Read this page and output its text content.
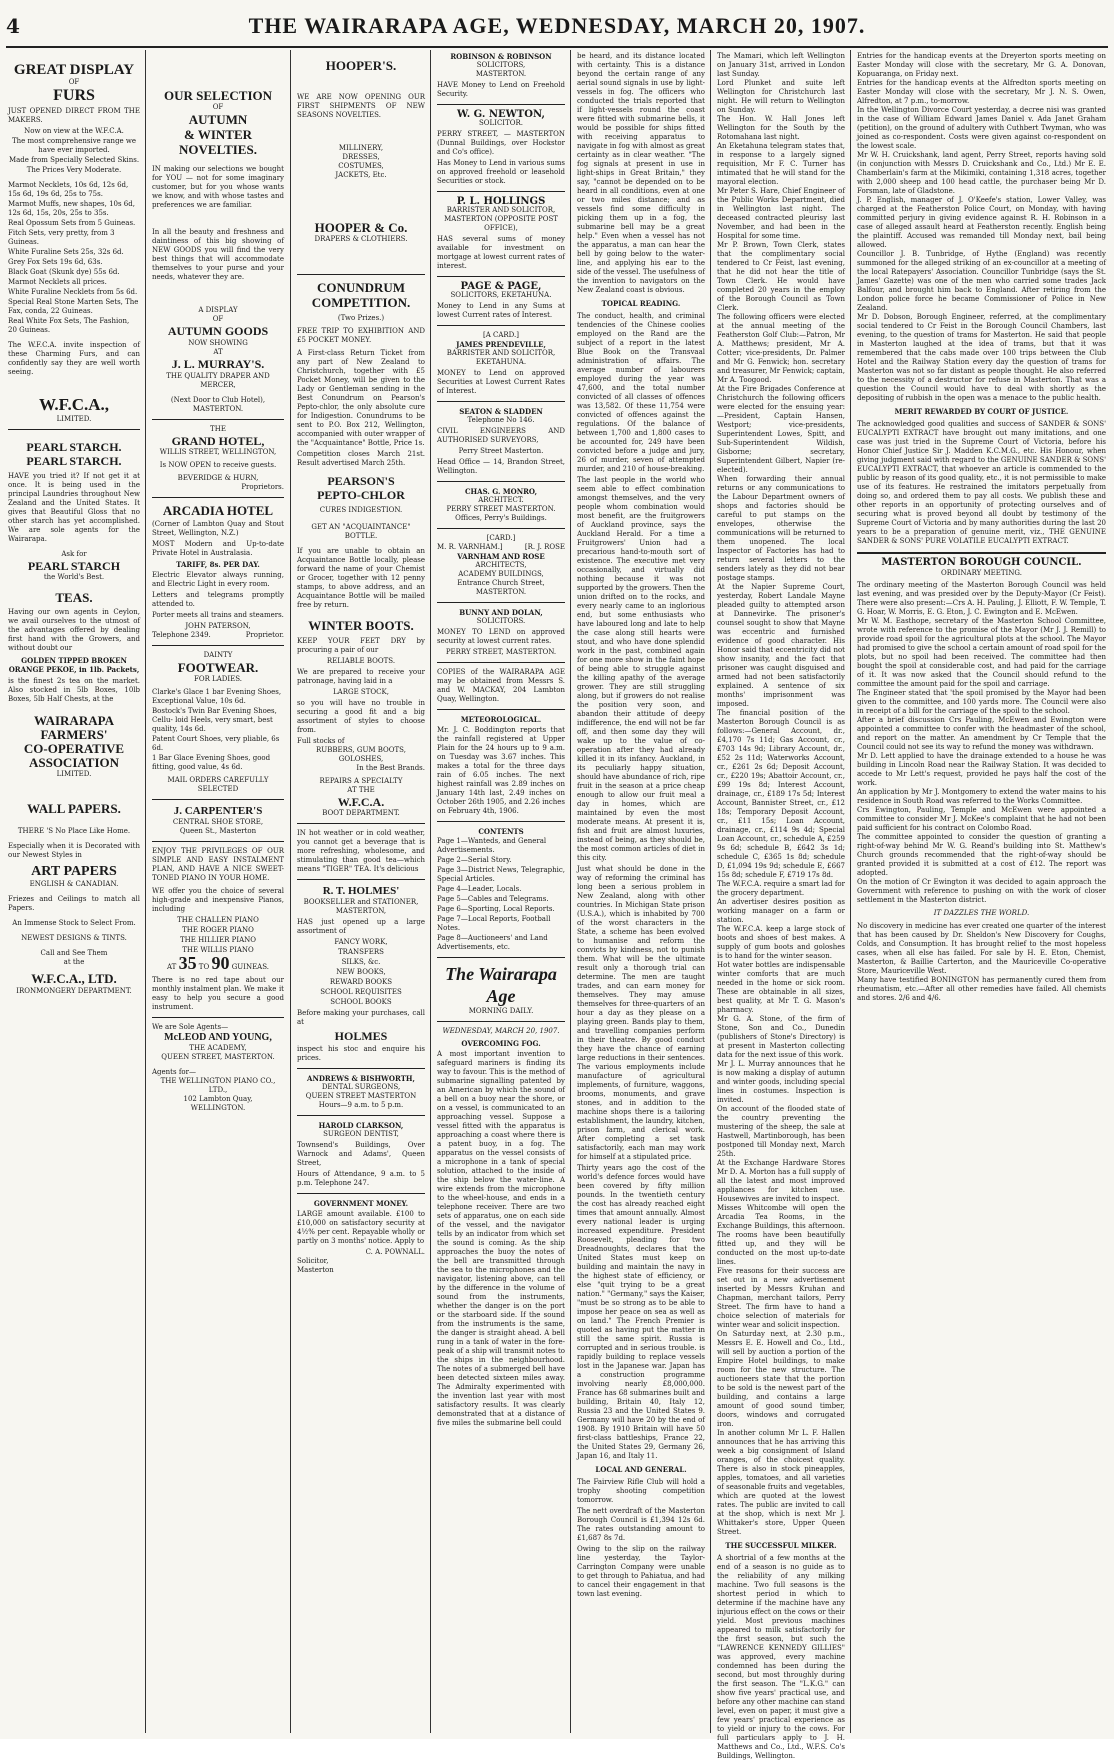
4	THE WAIRARAPA AGE, WEDNESDAY, MARCH 20, 1907.
GREAT DISPLAY
OF
FURS
JUST OPENED DIRECT FROM THE MAKERS.
Now on view at the W.F.C.A.
The most comprehensive range we have ever imported.
Made from Specially Selected Skins.
The Prices Very Moderate.
Marmot Necklets, 10s 6d, 12s 6d, 15s 6d, 19s 6d, 25s to 75s.
Marmot Muffs, new shapes, 10s 6d, 12s 6d, 15s, 20s, 25s to 35s.
Real Opossum Sets from 5 Guineas.
Fitch Sets, very pretty, from 3 Guineas.
White Furaline Sets 25s, 32s 6d.
Grey Fox Sets 19s 6d, 63s.
Black Goat (Skunk dye) 55s 6d.
Marmot Necklets all prices.
White Furaline Necklets from 5s 6d.
Special Real Stone Marten Sets, The Fax, conda, 22 Guineas.
Real White Fox Sets, The Fashion, 20 Guineas.
The W.F.C.A. invite inspection of these Charming Furs, and can confidently say they are well worth seeing.
W.F.C.A.,
LIMITED.
PEARL STARCH.
PEARL STARCH.
HAVE you tried it? If not get it at once. It is being used in the principal Laundries throughout New Zealand and the United States. It gives that Beautiful Gloss that no other starch has yet accomplished. We are sole agents for the Wairarapa.
Ask for
PEARL STARCH
the World's Best.
TEAS.
Having our own agents in Ceylon, we avail ourselves to the utmost of the advantages offered by dealing first hand with the Growers, and without doubt our
GOLDEN TIPPED BROKEN ORANGE PEKOE, in 1lb. Packets,
is the finest 2s tea on the market. Also stocked in 5lb Boxes, 10lb Boxes, 5lb Half Chests, at the
WAIRARAPA
FARMERS'
CO-OPERATIVE
ASSOCIATION
LIMITED.
WALL PAPERS.
THERE 'S No Place Like Home.
Especially when it is Decorated with our Newest Styles in
ART PAPERS
ENGLISH & CANADIAN.
Friezes and Ceilings to match all Papers.
An Immense Stock to Select From.
NEWEST DESIGNS & TINTS.
Call and See Them
at the
W.F.C.A., LTD.
IRONMONGERY DEPARTMENT.
OUR SELECTION
OF
AUTUMN
& WINTER
NOVELTIES.
IN making our selections we bought for YOU — not for some imaginary customer, but for you whose wants we know, and with whose tastes and preferences we are familiar.
In all the beauty and freshness and daintiness of this big showing of NEW GOODS you will find the very best things that will accommodate themselves to your purse and your needs, whatever they are.
A DISPLAY
OF
AUTUMN GOODS
NOW SHOWING
AT
J. L. MURRAY'S.
THE QUALITY DRAPER AND MERCER,
(Next Door to Club Hotel),
MASTERTON.
THE
GRAND HOTEL,
WILLIS STREET, WELLINGTON,
Is NOW OPEN to receive guests.
BEVERIDGE & HURN,
Proprietors.
ARCADIA HOTEL
(Corner of Lambton Quay and Stout Street, Wellington, N.Z.)
MOST Modern and Up-to-date Private Hotel in Australasia.
TARIFF, 8s. PER DAY.
Electric Elevator always running, and Electric Light in every room.
Letters and telegrams promptly attended to.
Porter meets all trains and steamers.
JOHN PATERSON,
Telephone 2349.	Proprietor.
DAINTY
FOOTWEAR.
FOR LADIES.
Clarke's Glace 1 bar Evening Shoes, Exceptional Value, 10s 6d.
Bostock's Twin Bar Evening Shoes, Cellu- loid Heels, very smart, best quality, 14s 6d.
Patent Court Shoes, very pliable, 6s 6d.
1 Bar Glace Evening Shoes, good fitting, good value, 4s 6d.
MAIL ORDERS CAREFULLY SELECTED
J. CARPENTER'S
CENTRAL SHOE STORE,
Queen St., Masterton
ENJOY THE PRIVILEGES OF OUR SIMPLE AND EASY INSTALMENT PLAN, AND HAVE A NICE SWEET-TONED PIANO IN YOUR HOME.
WE offer you the choice of several high-grade and inexpensive Pianos, including
THE CHALLEN PIANO
THE ROGER PIANO
THE HILLIER PIANO
THE WILLIS PIANO
AT 35 TO 90 GUINEAS.
There is no red tape about our monthly instalment plan. We make it easy to help you secure a good instrument.
We are Sole Agents—
McLEOD AND YOUNG,
THE ACADEMY,
QUEEN STREET, MASTERTON.
Agents for—
THE WELLINGTON PIANO CO., LTD.,
102 Lambton Quay,
WELLINGTON.
HOOPER'S.
WE ARE NOW OPENING OUR FIRST SHIPMENTS OF NEW SEASONS NOVELTIES.
MILLINERY,
DRESSES,
COSTUMES,
JACKETS, Etc.
HOOPER & Co.
DRAPERS & CLOTHIERS.
CONUNDRUM
COMPETITION.
(Two Prizes.)
FREE TRIP TO EXHIBITION AND £5 POCKET MONEY.
A First-class Return Ticket from any part of New Zealand to Christchurch, together with £5 Pocket Money, will be given to the Lady or Gentleman sending in the Best Conundrum on Pearson's Pepto-chlor, the only absolute cure for Indigestion. Conundrums to be sent to P.O. Box 212, Wellington, accompanied with outer wrapper of the "Acquaintance" Bottle, Price 1s.
Competition closes March 21st. Result advertised March 25th.
PEARSON'S
PEPTO-CHLOR
CURES INDIGESTION.
GET AN "ACQUAINTANCE" BOTTLE.
If you are unable to obtain an Acquaintance Bottle locally, please forward the name of your Chemist or Grocer, together with 12 penny stamps, to above address, and an Acquaintance Bottle will be mailed free by return.
WINTER BOOTS.
KEEP YOUR FEET DRY by procuring a pair of our
RELIABLE BOOTS.
We are prepared to receive your patronage, having laid in a
LARGE STOCK,
so you will have no trouble in securing a good fit and a big assortment of styles to choose from.
Full stocks of
RUBBERS, GUM BOOTS, GOLOSHES,
In the Best Brands.
REPAIRS A SPECIALTY
AT THE
W.F.C.A.
BOOT DEPARTMENT.
IN hot weather or in cold weather, you cannot get a beverage that is more refreshing, wholesome, and stimulating than good tea—which means "TIGER" TEA. It's delicious
R. T. HOLMES'
BOOKSELLER and STATIONER,
MASTERTON,
HAS just opened up a large assortment of
FANCY WORK,
TRANSFERS
SILKS, &c.
NEW BOOKS,
REWARD BOOKS
SCHOOL REQUISITES
SCHOOL BOOKS
Before making your purchases, call at
HOLMES
inspect his stoc and enquire his prices.
ANDREWS & BISHWORTH,
DENTAL SURGEONS,
QUEEN STREET MASTERTON
Hours—9 a.m. to 5 p.m.
HAROLD CLARKSON,
SURGEON DENTIST,
Townsend's Buildings, Over Warnock and Adams', Queen Street,
Hours of Attendance, 9 a.m. to 5 p.m. Telephone 247.
GOVERNMENT MONEY.
LARGE amount available. £100 to £10,000 on satisfactory security at 4½% per cent. Repayable wholly or partly on 3 months' notice. Apply to
C. A. POWNALL.
Solicitor,
Masterton
ROBINSON & ROBINSON
SOLICITORS,
MASTERTON.
HAVE Money to Lend on Freehold Security.
W. G. NEWTON,
SOLICITOR.
PERRY STREET, — MASTERTON (Dunnal Buildings, over Hockstor and Co's office).
Has Money to Lend in various sums on approved freehold or leasehold Securities or stock.
P. L. HOLLINGS
BARRISTER AND SOLICITOR,
MASTERTON (OPPOSITE POST OFFICE),
HAS several sums of money available for investment on mortgage at lowest current rates of interest.
PAGE & PAGE,
SOLICITORS, EKETAHUNA.
Money to Lend in any Sums at lowest Current rates of Interest.
[A CARD.]
JAMES PRENDEVILLE,
BARRISTER AND SOLICITOR,
EKETAHUNA.
MONEY to Lend on approved Securities at Lowest Current Rates of Interest.
SEATON & SLADDEN
Telephone No 146.
CIVIL ENGINEERS AND AUTHORISED SURVEYORS,
Perry Street Masterton.
Head Office — 14, Brandon Street, Wellington.
CHAS. G. MONRO,
ARCHITECT.
PERRY STREET MASTERTON.
Offices, Perry's Buildings.
[CARD.]
M. R. VARNHAM.]	[R. J. ROSE
VARNHAM AND ROSE
ARCHITECTS,
ACADEMY BUILDINGS,
Entrance Church Street, MASTERTON.
BUNNY AND DOLAN,
SOLICITORS.
MONEY TO LEND on approved security at lowest current rates.
PERRY STREET, MASTERTON.
COPIES of the WAIRARAPA AGE may be obtained from Messrs S. and W. MACKAY, 204 Lambton Quay, Wellington.
METEOROLOGICAL.
Mr. J. C. Boddington reports that the rainfall registered at Upper Plain for the 24 hours up to 9 a.m. on Tuesday was 3.67 inches. This makes a total for the three days rain of 6.05 inches. The next highest rainfall was 2.89 inches on January 14th last, 2.49 inches on October 26th 1905, and 2.26 inches on February 4th, 1906.
CONTENTS
Page 1—Wanteds, and General Advertisements.
Page 2—Serial Story.
Page 3—District News, Telegraphic, Special Articles.
Page 4—Leader, Locals.
Page 5—Cables and Telegrams.
Page 6—Sporting, Local Reports.
Page 7—Local Reports, Football Notes.
Page 8—Auctioneers' and Land Advertisements, etc.
The Wairarapa Age
MORNING DAILY.
WEDNESDAY, MARCH 20, 1907.
OVERCOMING FOG.
A most important invention to safeguard mariners is finding its way to favour. This is the method of submarine signalling patented by an American by which the sound of a bell on a buoy near the shore, or on a vessel, is communicated to an approaching vessel. Suppose a vessel fitted with the apparatus is approaching a coast where there is a patent buoy, in a fog. The apparatus on the vessel consists of a microphone in a tank of special solution, attached to the inside of the ship below the water-line. A wire extends from the microphone to the wheel-house, and ends in a telephone receiver. There are two sets of apparatus, one on each side of the vessel, and the navigator tells by an indicator from which set the sound is coming. As the ship approaches the buoy the notes of the bell are transmitted through the sea to the microphones and the navigator, listening above, can tell by the difference in the volume of sound from the instruments, whether the danger is on the port or the starboard side. If the sound from the instruments is the same, the danger is straight ahead. A bell rung in a tank of water in the fore-peak of a ship will transmit notes to the ships in the neighbourhood. The notes of a submerged bell have been detected sixteen miles away. The Admiralty experimented with the invention last year with most satisfactory results. It was clearly demonstrated that at a distance of five miles the submarine bell could
be heard, and its distance located with certainty. This is a distance beyond the certain range of any aerial sound signals in use by light-vessels in fog. The officers who conducted the trials reported that if light-vessels round the coast were fitted with submarine bells, it would be possible for ships fitted with receiving apparatus to navigate in fog with almost as great certainty as in clear weather. "The fog signals at present in use in light-ships in Great Britain," they say, "cannot be depended on to be heard in all conditions, even at one or two miles distance; and as vessels find some difficulty in picking them up in a fog, the submarine bell may be a great help." Even when a vessel has not the apparatus, a man can hear the bell by going below to the water-line, and applying his ear to the side of the vessel. The usefulness of the invention to navigators on the New Zealand coast is obvious.
TOPICAL READING.
The conduct, health, and criminal tendencies of the Chinese coolies employed on the Rand are the subject of a report in the latest Blue Book on the Transvaal administration of affairs. The average number of labourers employed during the year was 47,600, and the total number convicted of all classes of offences was 13,582. Of these 11,754 were convicted of offences against the regulations. Of the balance of between 1,700 and 1,800 cases to be accounted for, 249 have been convicted before a judge and jury, 26 of murder, seven of attempted murder, and 210 of house-breaking.
The last people in the world who seem able to effect combination amongst themselves, and the very people whom combination would most benefit, are the fruitgrowers of Auckland province, says the Auckland Herald. For a time a Fruitgrowers' Union had a precarious hand-to-mouth sort of existence. The executive met very occasionally, and virtually did nothing because it was not supported by the growers. Then the union drifted on to the rocks, and every nearly came to an inglorious end, but some enthusiasts who have laboured long and late to help the case along still hearts were stout, and who have done splendid work in the past, combined again for one more show in the faint hope of being able to struggle against the killing apathy of the average grower. They are still struggling along, but if growers do not realise the position very soon, and abandon their attitude of deepy indifference, the end will not be far off, and then some day they will wake up to the value of co-operation after they had already killed it in its infancy. Auckland, in its peculiarly happy situation, should have abundance of rich, ripe fruit in the season at a price cheap enough to allow our fruit meal a day in homes, which are maintained by even the most moderate means. At present it is, fish and fruit are almost luxuries, instead of being, as they should be, the most common articles of diet in this city.
Just what should be done in the way of reforming the criminal has long been a serious problem in New Zealand, along with other countries. In Michigan State prison (U.S.A.), which is inhabited by 700 of the worst characters in the State, a scheme has been evolved to humanise and reform the convicts by kindness, not to punish them. What will be the ultimate result only a thorough trial can determine. The men are taught trades, and can earn money for themselves. They may amuse themselves for three-quarters of an hour a day as they please on a playing green. Bands play to them, and travelling companies perform in their theatre. By good conduct they have the chance of earning large reductions in their sentences. The various employments include manufacture of agricultural implements, of furniture, waggons, brooms, monuments, and grave stones, and in addition to the machine shops there is a tailoring establishment, the laundry, kitchen, prison farm, and clerical work. After completing a set task satisfactorily, each man may work for himself at a stipulated price.
Thirty years ago the cost of the world's defence forces would have been covered by fifty million pounds. In the twentieth century the cost has already reached eight times that amount annually. Almost every national leader is urging increased expenditure. President Roosevelt, pleading for two Dreadnoughts, declares that the United States must keep on building and maintain the navy in the highest state of efficiency, or else "quit trying to be a great nation." "Germany," says the Kaiser, "must be so strong as to be able to impose her peace on sea as well as on land." The French Premier is quoted as having put the matter in still the same spirit. Russia is corrupted and in serious trouble. is rapidly building to replace vessels lost in the Japanese war. Japan has a construction programme involving nearly £8,000,000. France has 68 submarines built and building, Britain 40, Italy 12, Russia 23 and the United States 9. Germany will have 20 by the end of 1908. By 1910 Britain will have 50 first-class battleships, France 22, the United States 29, Germany 26, Japan 16, and Italy 11.
LOCAL AND GENERAL.
The Fairview Rifle Club will hold a trophy shooting competition tomorrow.
The nett overdraft of the Masterton Borough Council is £1,394 12s 6d. The rates outstanding amount to £1,687 8s 7d.
Owing to the slip on the railway line yesterday, the Taylor-Carrington Company were unable to get through to Pahiatua, and had to cancel their engagement in that town last evening.
The Mamari, which left Wellington on January 31st, arrived in London last Sunday.
Lord Plunket and suite left Wellington for Christchurch last night. He will return to Wellington on Sunday.
The Hon. W. Hall Jones left Wellington for the South by the Rotomahana last night.
An Eketahuna telegram states that, in response to a largely signed requisition, Mr F. C. Turner has intimated that he will stand for the mayoral election.
Mr Peter S. Hare, Chief Engineer of the Public Works Department, died in Wellington last night. The deceased contracted pleurisy last November, and had been in the Hospital for some time.
Mr P. Brown, Town Clerk, states that the complimentary social tendered to Cr Feist, last evening, that he did not hear the title of Town Clerk. He would have completed 20 years in the employ of the Borough Council as Town Clerk.
The following officers were elected at the annual meeting of the Featherston Golf Club:—Patron, Mr A. Matthews; president, Mr A. Cotter; vice-presidents, Dr. Palmer and Mr G. Fenwick; hon. secretary and treasurer, Mr Fenwick; captain, Mr A. Toogood.
At the Fire Brigades Conference at Christchurch the following officers were elected for the ensuing year:—President, Captain Hansen, Westport; vice-presidents, Superintendent Lowes, Spitt, and Sub-Superintendent Wildish, Gisborne; secretary, Superintendent Gilbert, Napier (re-elected).
When forwarding their annual returns or any communications to the Labour Department owners of shops and factories should be careful to put stamps on the envelopes, otherwise the communications will be returned to them unopened. The local Inspector of Factories has had to return several letters to the senders lately as they did not bear postage stamps.
At the Napier Supreme Court, yesterday, Robert Landale Mayne pleaded guilty to attempted arson at Dannevirke. The prisoner's counsel sought to show that Mayne was eccentric and furnished evidence of good character. His Honor said that eccentricity did not show insanity, and the fact that prisoner was caught disguised and armed had not been satisfactorily explained. A sentence of six months' imprisonment was imposed.
The financial position of the Masterton Borough Council is as follows:—General Account, dr., £4,170 7s 11d; Gas Account, cr., £703 14s 9d; Library Account, dr., £52 2s 11d; Waterworks Account, cr., £261 2s 6d; Deposit Account, cr., £220 19s; Abattoir Account, cr., £99 19s 8d; Interest Account, drainage, cr., £189 17s 5d; Interest Account, Bannister Street, cr., £12 18s; Temporary Deposit Account, cr., £11 15s; Loan Account, drainage, cr., £114 9s 4d; Special Loan Account, cr., schedule A, £259 9s 6d; schedule B, £642 3s 1d; schedule C, £365 1s 8d; schedule D, £1,094 19s 9d; schedule E, £667 15s 8d; schedule F, £719 17s 8d.
The W.F.C.A. require a smart lad for the grocery department.
An advertiser desires position as working manager on a farm or station.
The W.F.C.A. keep a large stock of boots and shoes of best makes. A supply of gum boots and goloshes is to hand for the winter season.
Hot water bottles are indispensable winter comforts that are much needed in the home or sick room. These are obtainable in all sizes, best quality, at Mr T. G. Mason's pharmacy.
Mr G. A. Stone, of the firm of Stone, Son and Co., Dunedin (publishers of Stone's Directory) is at present in Masterton collecting data for the next issue of this work.
Mr J. L. Murray announces that he is now making a display of autumn and winter goods, including special lines in costumes. Inspection is invited.
On account of the flooded state of the country preventing the mustering of the sheep, the sale at Hastwell, Martinborough, has been postponed till Monday next, March 25th.
At the Exchange Hardware Stores Mr D. A. Morton has a full supply of all the latest and most improved appliances for kitchen use. Housewives are invited to inspect.
Misses Whitcombe will open the Arcadia Tea Rooms, in the Exchange Buildings, this afternoon. The rooms have been beautifully fitted up, and they will be conducted on the most up-to-date lines.
Five reasons for their success are set out in a new advertisement inserted by Messrs Kruhan and Chapman, merchant tailors, Perry Street. The firm have to hand a choice selection of materials for winter wear and solicit inspection.
On Saturday next, at 2.30 p.m., Messrs E. E. Howell and Co., Ltd., will sell by auction a portion of the Empire Hotel buildings, to make room for the new structure. The auctioneers state that the portion to be sold is the newest part of the building, and contains a large amount of good sound timber, doors, windows and corrugated iron.
In another column Mr L. F. Hallen announces that he has arriving this week a big consignment of Island oranges, of the choicest quality. There is also in stock pineapples, apples, tomatoes, and all varieties of seasonable fruits and vegetables, which are quoted at the lowest rates. The public are invited to call at the shop, which is next Mr J. Whittaker's store, Upper Queen Street.
THE SUCCESSFUL MILKER.
A shortrial of a few months at the end of a season is no guide as to the reliability of any milking machine. Two full seasons is the shortest period in which to determine if the machine have any injurious effect on the cows or their yield. Most previous machines appeared to milk satisfactorily for the first season, but such the "LAWRENCE KENNEDY GILLIES" was approved, every machine condemned has been during the second, but most throughly during the first season. The "L.K.G." can show five years' practical use, and before any other machine can stand level, even on paper, it must give a few years' practical experience as to yield or injury to the cows. For full particulars apply to J. H. Matthews and Co., Ltd., W.F.S. Co's Buildings, Wellington.
Entries for the handicap events at the Dreyerton sports meeting on Easter Monday will close with the secretary, Mr G. A. Donovan, Kopuaranga, on Friday next.
Entries for the handicap events at the Alfredton sports meeting on Easter Monday will close with the secretary, Mr J. N. S. Owen, Alfredton, at 7 p.m., to-morrow.
In the Wellington Divorce Court yesterday, a decree nisi was granted in the case of William Edward James Daniel v. Ada Janet Graham (petition), on the ground of adultery with Cuthbert Twyman, who was joined as co-respondent. Costs were given against co-respondent on the lowest scale.
Mr W. H. Cruickshank, land agent, Perry Street, reports having sold (in conjunction with Messrs D. Cruickshank and Co., Ltd.) Mr E. E. Chamberlain's farm at the Mikimiki, containing 1,318 acres, together with 2,000 sheep and 100 head cattle, the purchaser being Mr D. Forsman, late of Gladstone.
J. P. English, manager of J. O'Keefe's station, Lower Valley, was charged at the Featherston Police Court, on Monday, with having committed perjury in giving evidence against R. H. Robinson in a case of alleged assault heard at Featherston recently. English being the plaintiff. Accused was remanded till Monday next, bail being allowed.
Councillor J. B. Tunbridge, of Hythe (England) was recently summoned for the alleged striking of an ex-councillor at a meeting of the local Ratepayers' Association. Councillor Tunbridge (says the St. James' Gazette) was one of the men who carried some trades Jack Balfour, and brought him back to England. After retiring from the London police force he became Commissioner of Police in New Zealand.
Mr D. Dobson, Borough Engineer, referred, at the complimentary social tendered to Cr Feist in the Borough Council Chambers, last evening, to the question of trams for Masterton. He said that people in Masterton laughed at the idea of trams, but that it was remembered that the cabs made over 100 trips between the Club Hotel and the Railway Station every day the question of trams for Masterton was not so far distant as people thought. He also referred to the necessity of a destructor for refuse in Masterton. That was a question the Council would have to deal with shortly as the depositing of rubbish in the open was a menace to the public health.
MERIT REWARDED BY COURT OF JUSTICE.
The acknowledged good qualities and success of SANDER & SONS' EUCALYPTI EXTRACT have brought out many imitations, and one case was just tried in the Supreme Court of Victoria, before his Honor Chief Justice Sir J. Madden K.C.M.G., etc. His Honour, when giving judgment said with regard to the GENUINE SANDER & SONS' EUCALYPTI EXTRACT, that whoever an article is commended to the public by reason of its good quality, etc., it is not permissible to make use of its features. He restrained the imitators perpetually from doing so, and ordered them to pay all costs. We publish these and other reports in an opportunity of protecting ourselves and of securing what is proved beyond all doubt by testimony of the Supreme Court of Victoria and by many authorities during the last 20 years to be a preparation of genuine merit, viz., THE GENUINE SANDER & SONS' PURE VOLATILE EUCALYPTI EXTRACT.
MASTERTON BOROUGH COUNCIL.
ORDINARY MEETING.
The ordinary meeting of the Masterton Borough Council was held last evening, and was presided over by the Deputy-Mayor (Cr Feist). There were also present:—Crs A. H. Pauling, J. Elliott, F. W. Temple, T. G. Hoar, W. Morris, E. G. Eton, J. C. Ewington and E. McEwen.
Mr W. M. Easthope, secretary of the Masterton School Committee, wrote with reference to the promise of the Mayor (Mr J. J. Remill) to provide road spoil for the agricultural plots at the school. The Mayor had promised to give the school a certain amount of road spoil for the plots, but no spoil had been received. The committee had then bought the spoil at considerable cost, and had paid for the carriage of it. It was now asked that the Council should refund to the committee the amount paid for the spoil and carriage.
The Engineer stated that 'the spoil promised by the Mayor had been given to the committee, and 100 yards more. The Council were also in receipt of a bill for the carriage of the spoil to the school.
After a brief discussion Crs Pauling, McEwen and Ewington were appointed a committee to confer with the headmaster of the school, and report on the matter. An amendment by Cr Temple that the Council could not see its way to refund the money was withdrawn.
Mr D. Lett applied to have the drainage extended to a house he was building in Lincoln Road near the Railway Station. It was decided to accede to Mr Lett's request, provided he pays half the cost of the work.
An application by Mr J. Montgomery to extend the water mains to his residence in South Road was referred to the Works Committee.
Crs Ewington, Pauling, Temple and McEwen were appointed a committee to consider Mr J. McKee's complaint that he had not been paid sufficient for his contract on Colombo Road.
The committee appointed to consider the question of granting a right-of-way behind Mr W. G. Reand's building into St. Matthew's Church grounds recommended that the right-of-way should be granted provided it is submitted at a cost of £12. The report was adopted.
On the motion of Cr Ewington it was decided to again approach the Government with reference to pushing on with the work of closer settlement in the Masterton district.
IT DAZZLES THE WORLD.
No discovery in medicine has ever created one quarter of the interest that has been caused by Dr. Sheldon's New Discovery for Coughs, Colds, and Consumption. It has brought relief to the most hopeless cases, when all else has failed. For sale by H. E. Eton, Chemist, Masterton, & Baillie Carterton, and the Mauriceville Co-operative Store, Mauriceville West.
Many have testified BONINGTON has permanently cured them from rheumatism, etc.—After all other remedies have failed. All chemists and stores. 2/6 and 4/6.
